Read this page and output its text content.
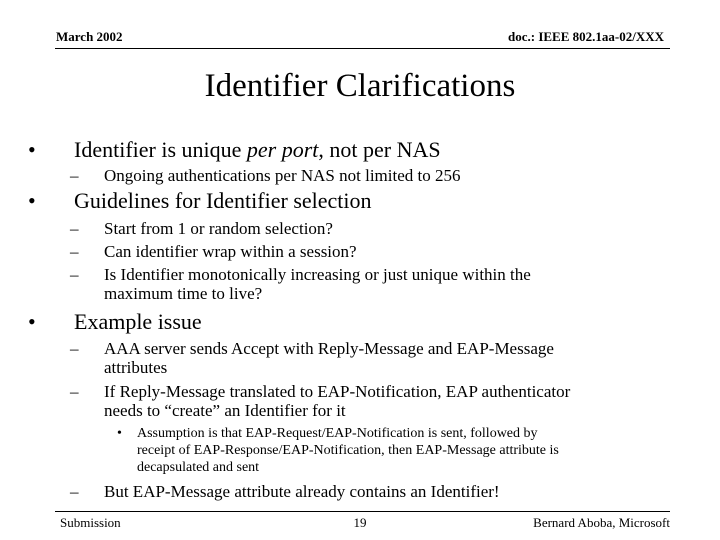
March 2002	doc.: IEEE 802.1aa-02/XXX
Identifier Clarifications
• Identifier is unique per port, not per NAS
– Ongoing authentications per NAS not limited to 256
• Guidelines for Identifier selection
– Start from 1 or random selection?
– Can identifier wrap within a session?
– Is Identifier monotonically increasing or just unique within the
maximum time to live?
• Example issue
– AAA server sends Accept with Reply-Message and EAP-Message
attributes
– If Reply-Message translated to EAP-Notification, EAP authenticator
needs to “create” an Identifier for it
• Assumption is that EAP-Request/EAP-Notification is sent, followed by
receipt of EAP-Response/EAP-Notification, then EAP-Message attribute is
decapsulated and sent
– But EAP-Message attribute already contains an Identifier!
Submission	19	Bernard Aboba, Microsoft
